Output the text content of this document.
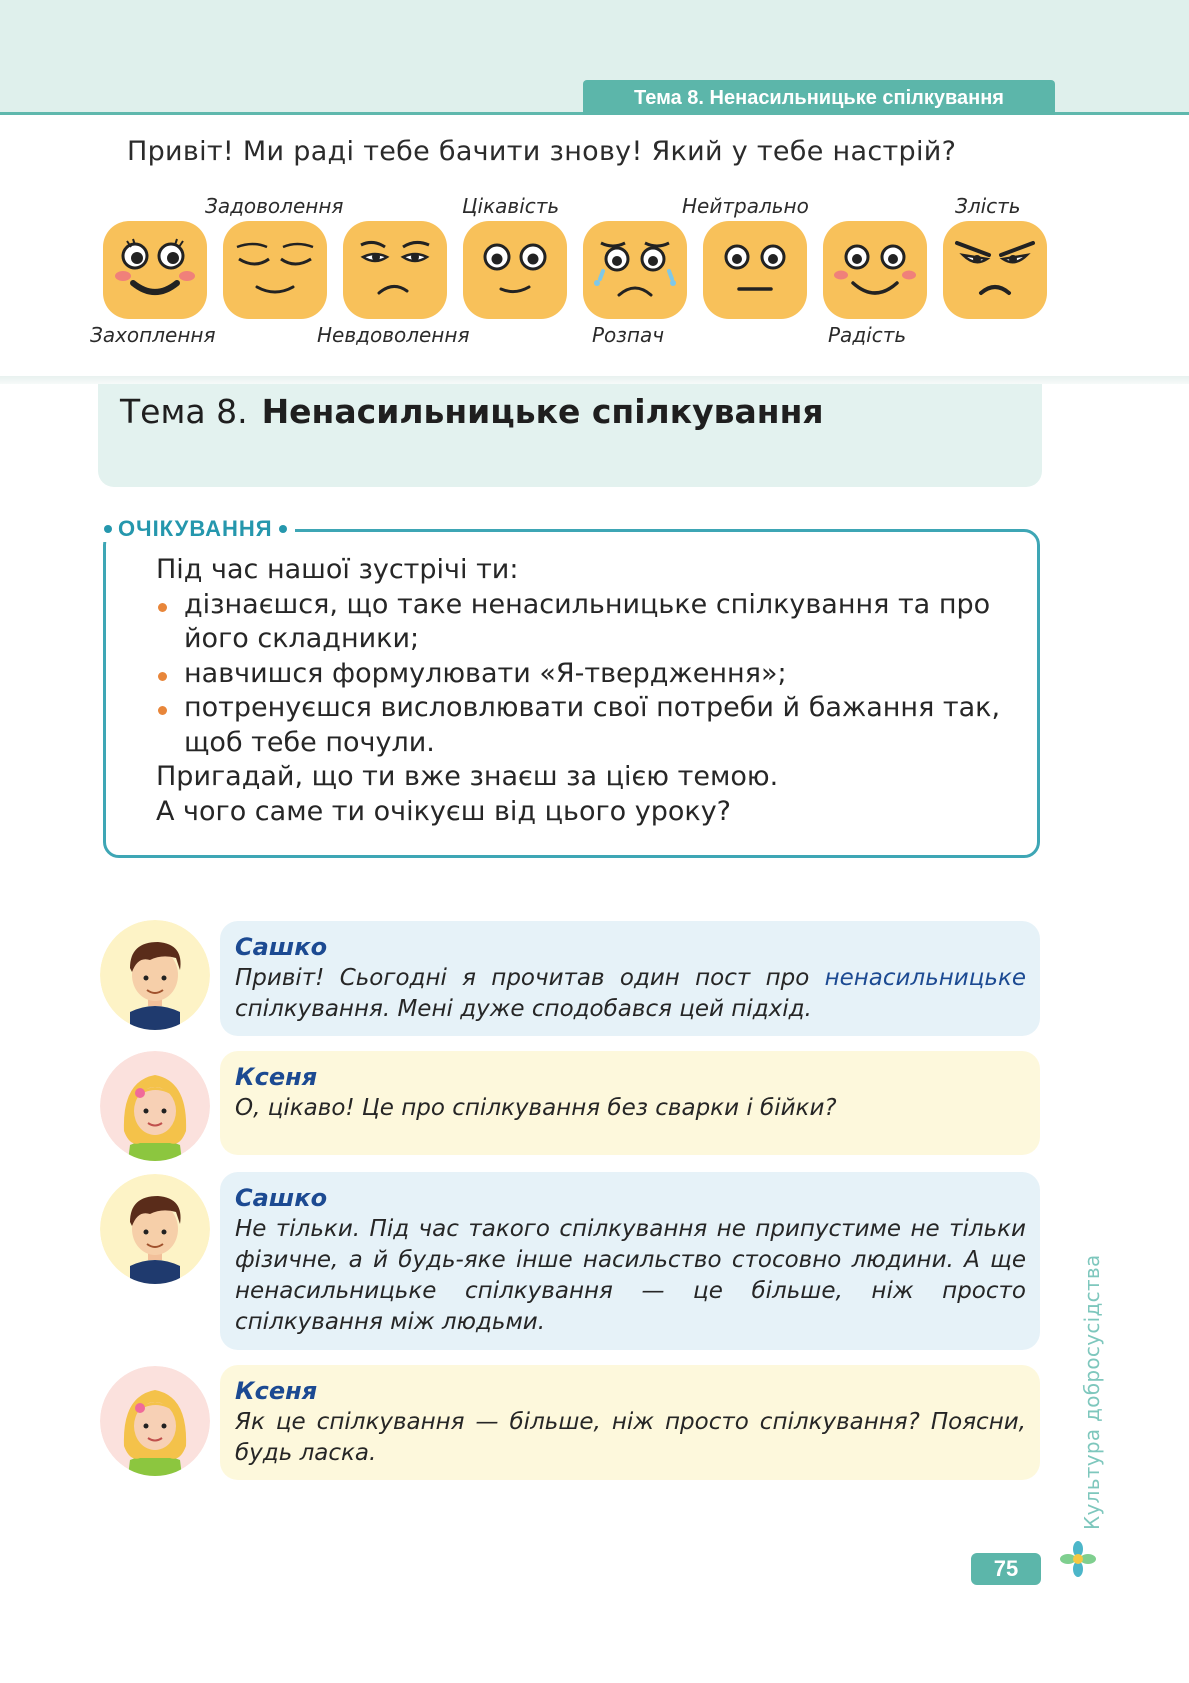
Тема 8. Ненасильницьке спілкування
Привіт! Ми раді тебе бачити знову! Який у тебе настрій?
Задоволення	Цікавість	Нейтрально	Злість
Захоплення	Невдоволення	Розпач	Радість
Тема 8. Ненасильницьке спілкування
ОЧІКУВАННЯ
Під час нашої зустрічі ти:
дізнаєшся, що таке ненасильницьке спілкування та про його складники;
навчишся формулювати «Я-твердження»;
потренуєшся висловлювати свої потреби й бажання так, щоб тебе почули.
Пригадай, що ти вже знаєш за цією темою.
А чого саме ти очікуєш від цього уроку?
Сашко
Привіт! Сьогодні я прочитав один пост про ненасильницьке спілкування. Мені дуже сподобався цей підхід.
Ксеня
О, цікаво! Це про спілкування без сварки і бійки?
Сашко
Не тільки. Під час такого спілкування не припустиме не тільки фізичне, а й будь-яке інше насильство стосовно людини. А ще ненасильницьке спілкування — це більше, ніж просто спілкування між людьми.
Ксеня
Як це спілкування — більше, ніж просто спілкування? Поясни, будь ласка.	Культура добросусідства
75
